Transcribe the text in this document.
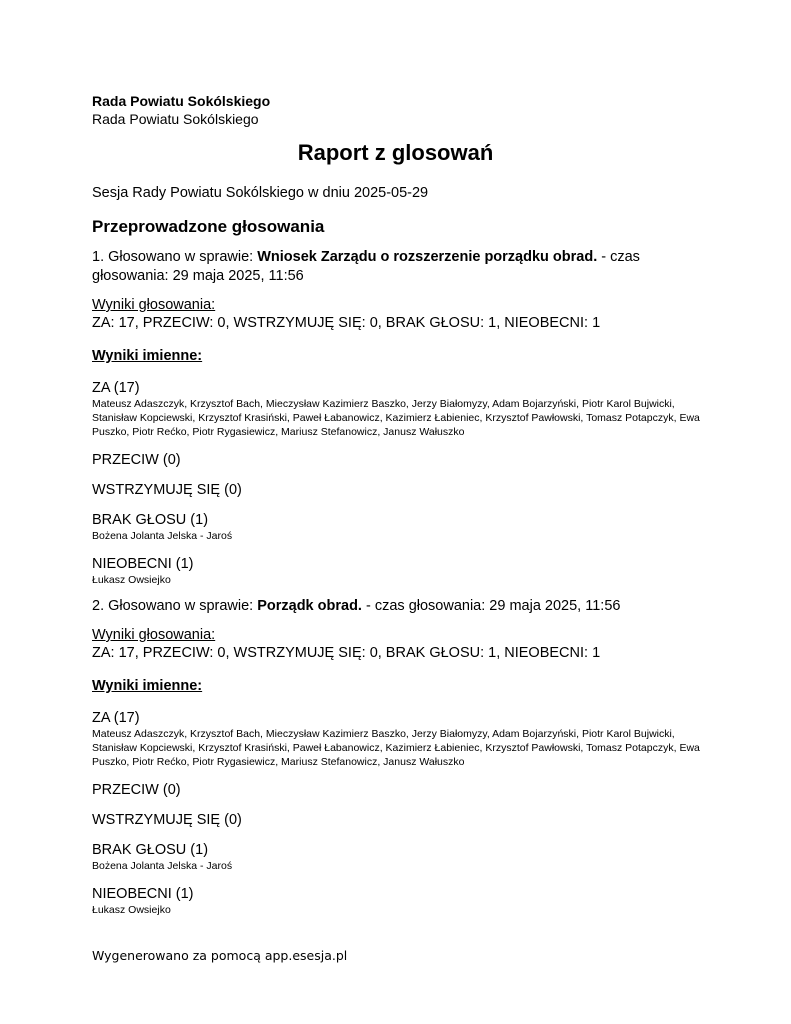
Rada Powiatu Sokólskiego
Rada Powiatu Sokólskiego
Raport z glosowań
Sesja Rady Powiatu Sokólskiego w dniu 2025-05-29
Przeprowadzone głosowania
1. Głosowano w sprawie: Wniosek Zarządu o rozszerzenie porządku obrad. - czas głosowania: 29 maja 2025, 11:56
Wyniki głosowania:
ZA: 17, PRZECIW: 0, WSTRZYMUJĘ SIĘ: 0, BRAK GŁOSU: 1, NIEOBECNI: 1
Wyniki imienne:
ZA (17)
Mateusz Adaszczyk, Krzysztof Bach, Mieczysław Kazimierz Baszko, Jerzy Białomyzy, Adam Bojarzyński, Piotr Karol Bujwicki, Stanisław Kopciewski, Krzysztof Krasiński, Paweł Łabanowicz, Kazimierz Łabieniec, Krzysztof Pawłowski, Tomasz Potapczyk, Ewa Puszko, Piotr Rećko, Piotr Rygasiewicz, Mariusz Stefanowicz, Janusz Wałuszko
PRZECIW (0)
WSTRZYMUJĘ SIĘ (0)
BRAK GŁOSU (1)
Bożena Jolanta Jelska - Jaroś
NIEOBECNI (1)
Łukasz Owsiejko
2. Głosowano w sprawie: Porządk obrad. - czas głosowania: 29 maja 2025, 11:56
Wyniki głosowania:
ZA: 17, PRZECIW: 0, WSTRZYMUJĘ SIĘ: 0, BRAK GŁOSU: 1, NIEOBECNI: 1
Wyniki imienne:
ZA (17)
Mateusz Adaszczyk, Krzysztof Bach, Mieczysław Kazimierz Baszko, Jerzy Białomyzy, Adam Bojarzyński, Piotr Karol Bujwicki, Stanisław Kopciewski, Krzysztof Krasiński, Paweł Łabanowicz, Kazimierz Łabieniec, Krzysztof Pawłowski, Tomasz Potapczyk, Ewa Puszko, Piotr Rećko, Piotr Rygasiewicz, Mariusz Stefanowicz, Janusz Wałuszko
PRZECIW (0)
WSTRZYMUJĘ SIĘ (0)
BRAK GŁOSU (1)
Bożena Jolanta Jelska - Jaroś
NIEOBECNI (1)
Łukasz Owsiejko
Wygenerowano za pomocą app.esesja.pl
